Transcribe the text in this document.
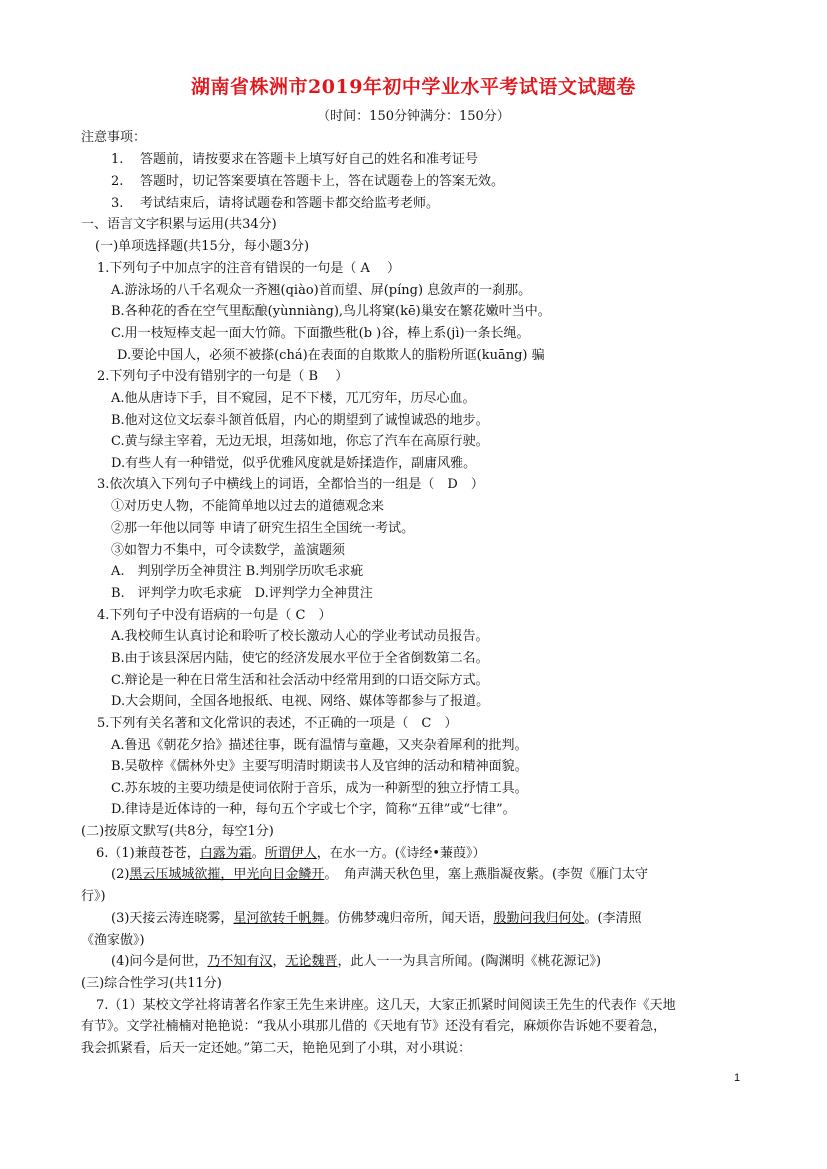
湖南省株洲市2019年初中学业水平考试语文试题卷
（时间：150分钟满分：150分）
注意事项：
1. 答题前，请按要求在答题卡上填写好自己的姓名和准考证号
2. 答题时，切记答案要填在答题卡上，答在试题卷上的答案无效。
3. 考试结束后，请将试题卷和答题卡都交给监考老师。
一、语言文字积累与运用(共34分)
(一)单项选择题(共15分，每小题3分)
1.下列句子中加点字的注音有错误的一句是（ A　 ）
A.游泳场的八千名观众一齐翘(qiào)首而望、屏(píng) 息敛声的一刹那。
B.各种花的香在空气里酝酿(yùnniàng),鸟儿将窠(kē)巢安在繁花嫩叶当中。
C.用一枝短棒支起一面大竹筛。下面撒些秕(b )谷，棒上系(jì)一条长绳。
D.要论中国人，必须不被搽(chá)在表面的自欺欺人的脂粉所诓(kuāng) 骗
2.下列句子中没有错别字的一句是（ B　 ）
A.他从唐诗下手，目不窥园，足不下楼，兀兀穷年，历尽心血。
B.他对这位文坛泰斗颔首低眉，内心的期望到了诚惶诚恐的地步。
C.黄与绿主宰着，无边无垠，坦荡如地，你忘了汽车在高原行驶。
D.有些人有一种错觉，似乎优雅风度就是娇揉造作，副庸风雅。
3.依次填入下列句子中横线上的词语，全都恰当的一组是（　D　）
①对历史人物，不能简单地以过去的道德观念来
②那一年他以同等 申请了研究生招生全国统一考试。
③如智力不集中，可令读数学，盖演题须
A.　判别学历全神贯注 B.判别学历吹毛求疵
B.　评判学力吹毛求疵　D.评判学力全神贯注
4.下列句子中没有语病的一句是（ C　）
A.我校师生认真讨论和聆听了校长激动人心的学业考试动员报告。
B.由于该县深居内陆，使它的经济发展水平位于全省倒数第二名。
C.辩论是一种在日常生活和社会活动中经常用到的口语交际方式。
D.大会期间，全国各地报纸、电视、网络、媒体等都参与了报道。
5.下列有关名著和文化常识的表述，不正确的一项是（　C　）
A.鲁迅《朝花夕拾》描述往事，既有温情与童趣，又夹杂着犀利的批判。
B.吴敬梓《儒林外史》主要写明清时期读书人及官绅的活动和精神面貌。
C.苏东坡的主要功绩是使词依附于音乐，成为一种新型的独立抒情工具。
D.律诗是近体诗的一种，每句五个字或七个字，简称“五律”或“七律”。
(二)按原文默写(共8分，每空1分)
6.（1)兼葭苍苍，白露为霜。所谓伊人，在水一方。(《诗经•蒹葭》）
(2)黑云压城城欲摧，甲光向日金鳞开。　角声满天秋色里，塞上燕脂凝夜紫。(李贺《雁门太守
行》)
(3)天接云涛连晓雾，星河欲转千帆舞。仿佛梦魂归帝所，闻天语，殷勤问我归何处。(李清照
《渔家傲》)
(4)问今是何世，乃不知有汉，无论魏晋，此人一一为具言所闻。(陶渊明《桃花源记》)
(三)综合性学习(共11分)
7.（1）某校文学社将请著名作家王先生来讲座。这几天，大家正抓紧时间阅读王先生的代表作《天地
有节》。文学社楠楠对艳艳说：“我从小琪那儿借的《天地有节》还没有看完，麻烦你告诉她不要着急，
我会抓紧看，后天一定还她。”第二天，艳艳见到了小琪，对小琪说：
1
